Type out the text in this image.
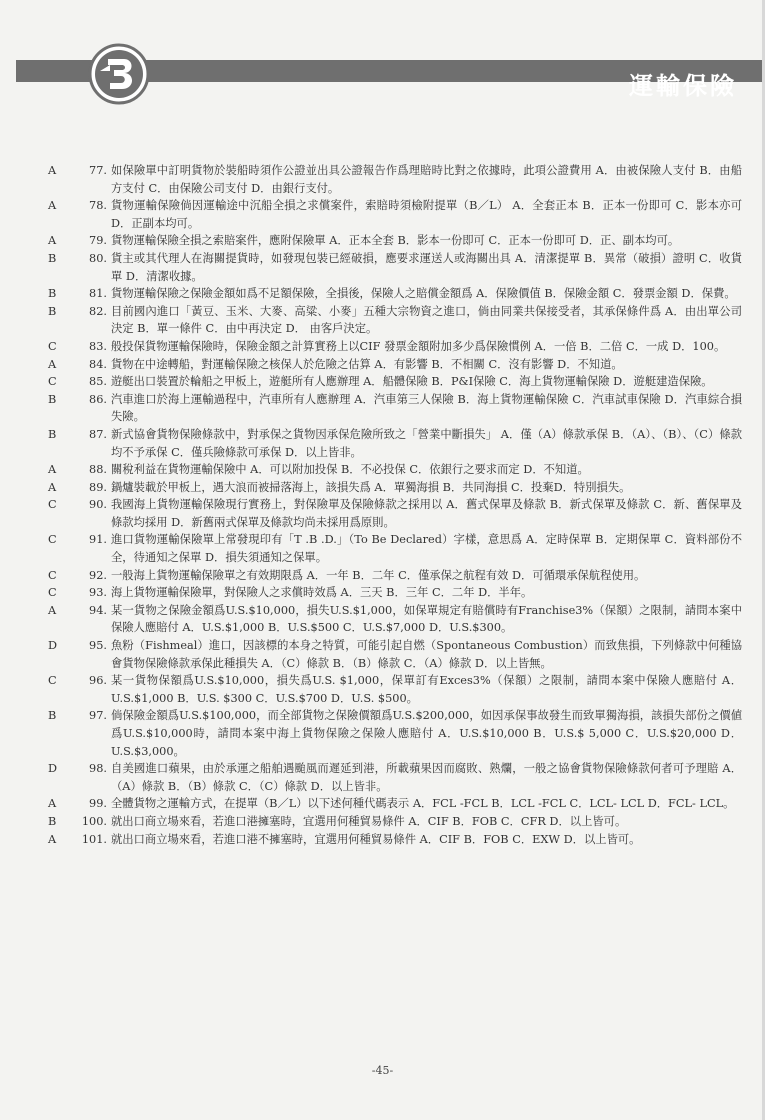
運輸保險
A	77. 如保險單中訂明貨物於裝船時須作公證並出具公證報告作爲理賠時比對之依據時，此項公證費用 A．由被保險人支付 B．由船方支付 C．由保險公司支付 D．由銀行支付。
A	78. 貨物運輸保險倘因運輸途中沉船全損之求償案件，索賠時須檢附提單（B／L） A．全套正本 B．正本一份即可 C．影本亦可 D．正副本均可。
A	79. 貨物運輸保險全損之索賠案件，應附保險單 A．正本全套 B．影本一份即可 C．正本一份即可 D．正、副本均可。
B	80. 貨主或其代理人在海關提貨時，如發現包裝已經破損，應要求運送人或海關出具 A．清潔提單 B．異常（破損）證明 C．收貨單 D．清潔收據。
B	81. 貨物運輸保險之保險金額如爲不足額保險，全損後，保險人之賠償金額爲 A．保險價值 B．保險金額 C．發票金額 D．保費。
B	82. 目前國內進口「黃豆、玉米、大麥、高粱、小麥」五種大宗物資之進口，倘由同業共保接受者，其承保條件爲 A．由出單公司決定 B．單一條件 C．由中再決定 D． 由客戶決定。
C	83. 般投保貨物運輸保險時，保險金額之計算實務上以CIF 發票金額附加多少爲保險慣例 A．一倍 B．二倍 C．一成 D．100。
A	84. 貨物在中途轉船，對運輸保險之核保人於危險之估算 A．有影響 B．不相關 C．沒有影響 D．不知道。
C	85. 遊艇出口裝置於輪船之甲板上，遊艇所有人應辦理 A．船體保險 B．P&I保險 C．海上貨物運輸保險 D．遊艇建造保險。
B	86. 汽車進口於海上運輸過程中，汽車所有人應辦理 A．汽車第三人保險 B．海上貨物運輸保險 C．汽車試車保險 D．汽車綜合損失險。
B	87. 新式協會貨物保險條款中，對承保之貨物因承保危險所致之「營業中斷損失」 A．僅（A）條款承保 B．（A）、（B）、（C）條款均不予承保 C．僅兵險條款可承保 D．以上皆非。
A	88. 關稅利益在貨物運輸保險中 A．可以附加投保 B．不必投保 C．依銀行之要求而定 D．不知道。
A	89. 鍋爐裝載於甲板上，遇大浪而被掃落海上，該損失爲 A．單獨海損 B．共同海損 C．投棄D．特別損失。
C	90. 我國海上貨物運輸保險現行實務上，對保險單及保險條款之採用以 A．舊式保單及條款 B．新式保單及條款 C．新、舊保單及條款均採用 D．新舊兩式保單及條款均尚未採用爲原則。
C	91. 進口貨物運輸保險單上常發現印有「T .B .D.」（To Be Declared）字樣，意思爲 A．定時保單 B．定期保單 C．資料部份不全，待通知之保單 D．損失須通知之保單。
C	92. 一般海上貨物運輸保險單之有效期限爲 A．一年 B．二年 C．僅承保之航程有效 D．可循環承保航程使用。
C	93. 海上貨物運輸保險單，對保險人之求償時效爲 A．三天 B．三年 C．二年 D．半年。
A	94. 某一貨物之保險金額爲U.S.$10,000，損失U.S.$1,000，如保單規定有賠償時有Franchise3%（保額）之限制，請問本案中保險人應賠付 A．U.S.$1,000 B．U.S.$500 C．U.S.$7,000 D．U.S.$300。
D	95. 魚粉（Fishmeal）進口，因該標的本身之特質，可能引起自燃（Spontaneous Combustion）而致焦損，下列條款中何種協會貨物保險條款承保此種損失 A．（C）條款 B．（B）條款 C．（A）條款 D．以上皆無。
C	96. 某一貨物保額爲U.S.$10,000，損失爲U.S. $1,000，保單訂有Exces3%（保額）之限制，請問本案中保險人應賠付 A．U.S.$1,000 B．U.S. $300 C．U.S.$700 D．U.S. $500。
B	97. 倘保險金額爲U.S.$100,000，而全部貨物之保險價額爲U.S.$200,000，如因承保事故發生而致單獨海損，該損失部份之價値爲U.S.$10,000時，請問本案中海上貨物保險之保險人應賠付 A．U.S.$10,000 B．U.S.$ 5,000 C．U.S.$20,000 D．U.S.$3,000。
D	98. 自美國進口蘋果，由於承運之船舶遇颱風而遲延到港，所載蘋果因而腐敗、熟爛，一般之協會貨物保險條款何者可予理賠 A．（A）條款 B．（B）條款 C．（C）條款 D．以上皆非。
A	99. 全體貨物之運輸方式，在提單（B／L）以下述何種代碼表示 A．FCL -FCL B．LCL -FCL C．LCL- LCL D．FCL- LCL。
B	100. 就出口商立場來看，若進口港擁塞時，宜選用何種貿易條件 A．CIF B．FOB C．CFR D．以上皆可。
A	101. 就出口商立場來看，若進口港不擁塞時，宜選用何種貿易條件 A．CIF B．FOB C．EXW D．以上皆可。
-45-
